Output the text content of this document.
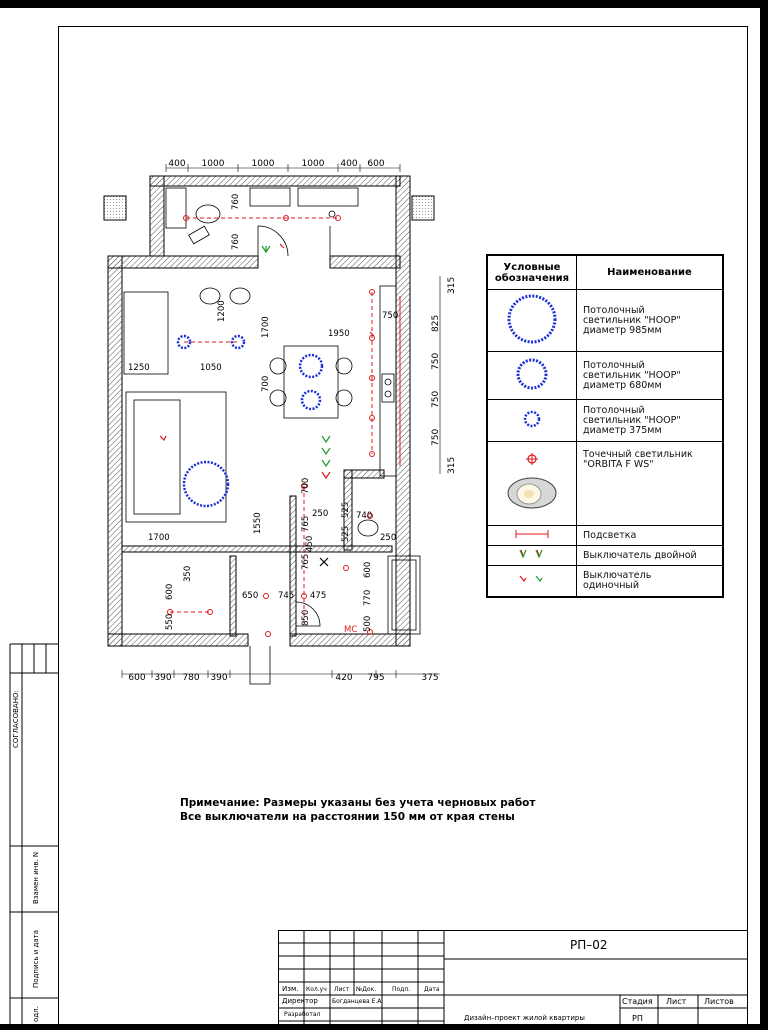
СОГЛАСОВАНО:
Взамен инв. N
Подпись и дата
одл.
400 1000	1000	1000 400 600
600 390 780 390	420 795	375
315
825
750
750
750
315
760
760
1200
1700	1950
1250	1050
700
700
1700
1550
750
250 525
525
740
250
765
765
650 745 475
850
770
500
600
550
350	600
450
МС
Условные обозначения	Наименование
	Потолочный
светильник "HOOP"
диаметр 985мм
	Потолочный
светильник "HOOP"
диаметр 680мм
	Потолочный
светильник "HOOP"
диаметр 375мм
	Точечный светильник
"ORBITA F WS"
	Подсветка
	Выключатель двойной
	Выключатель
одиночный
Примечание: Размеры указаны без учета черновых работ
Все выключатели на расстоянии 150 мм от края стены
РП–02
Изм. Кол.уч Лист №Док.	Подп. Дата
Директор Богданцева Е.А.
Разработал	Дизайн–проект жилой квартиры
Стадия Лист Листов
РП
